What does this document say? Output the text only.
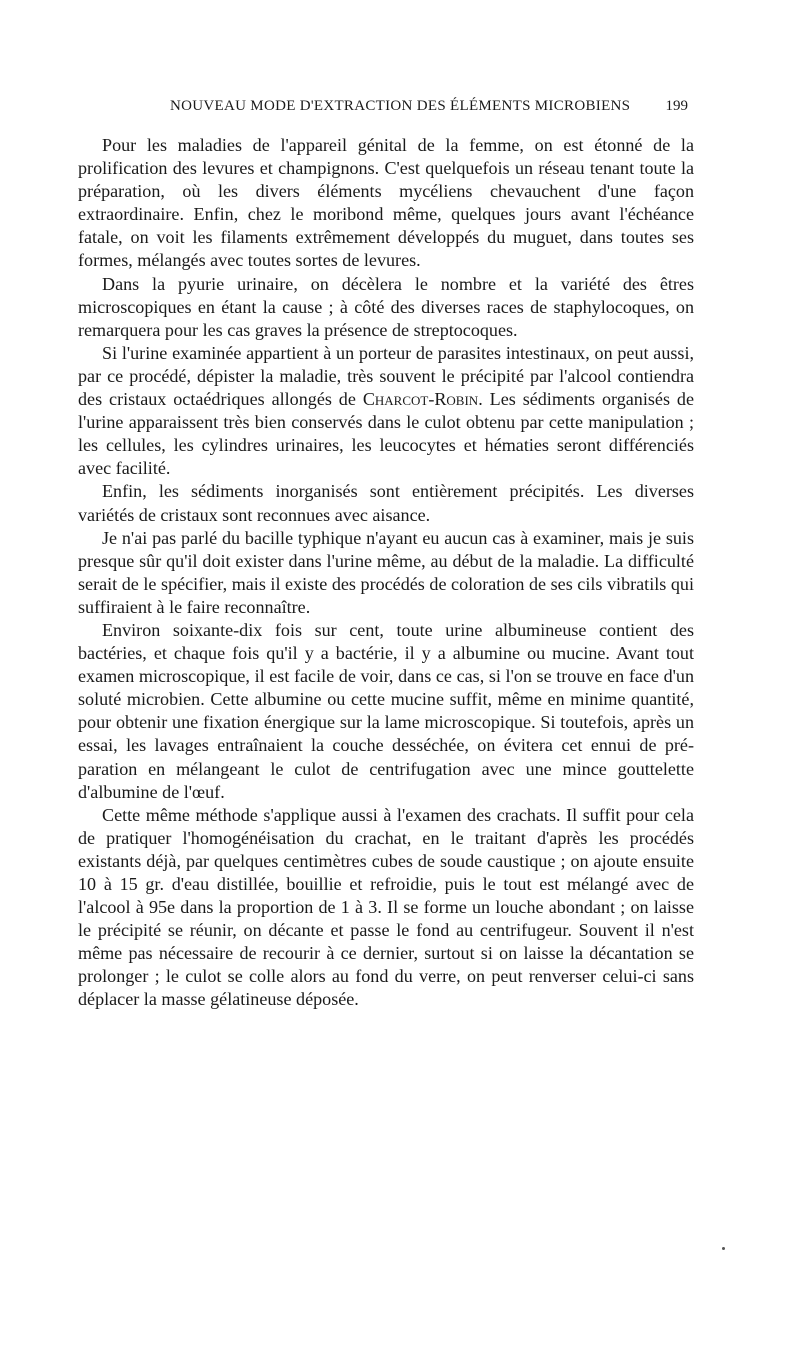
NOUVEAU MODE D'EXTRACTION DES ÉLÉMENTS MICROBIENS 199

Pour les maladies de l'appareil génital de la femme, on est étonné de la prolification des levures et champignons. C'est quelquefois un réseau tenant toute la préparation, où les divers éléments mycéliens chevauchent d'une façon extraordinaire. Enfin, chez le moribond même, quelques jours avant l'échéance fatale, on voit les filaments extrêmement développés du muguet, dans toutes ses formes, mélangés avec toutes sortes de levures.

Dans la pyurie urinaire, on décèlera le nombre et la variété des êtres microscopiques en étant la cause ; à côté des diverses races de staphylocoques, on remarquera pour les cas graves la présence de streptocoques.

Si l'urine examinée appartient à un porteur de parasites intestinaux, on peut aussi, par ce procédé, dépister la maladie, très souvent le précipité par l'alcool contiendra des cristaux octaédriques allongés de Charcot-Robin. Les sédiments organisés de l'urine apparaissent très bien conservés dans le culot obtenu par cette manipulation ; les cellules, les cylindres urinaires, les leucocytes et hématies seront différenciés avec facilité.

Enfin, les sédiments inorganisés sont entièrement précipités. Les diverses variétés de cristaux sont reconnues avec aisance.

Je n'ai pas parlé du bacille typhique n'ayant eu aucun cas à examiner, mais je suis presque sûr qu'il doit exister dans l'urine même, au début de la maladie. La difficulté serait de le spécifier, mais il existe des procédés de coloration de ses cils vibratils qui suffiraient à le faire reconnaître.

Environ soixante-dix fois sur cent, toute urine albumineuse contient des bactéries, et chaque fois qu'il y a bactérie, il y a albumine ou mucine. Avant tout examen microscopique, il est facile de voir, dans ce cas, si l'on se trouve en face d'un soluté microbien. Cette albumine ou cette mucine suffit, même en minime quantité, pour obtenir une fixation énergique sur la lame microscopique. Si toutefois, après un essai, les lavages entraînaient la couche desséchée, on évitera cet ennui de préparation en mélangeant le culot de centrifugation avec une mince gouttelette d'albumine de l'œuf.

Cette même méthode s'applique aussi à l'examen des crachats. Il suffit pour cela de pratiquer l'homogénéisation du crachat, en le traitant d'après les procédés existants déjà, par quelques centimètres cubes de soude caustique ; on ajoute ensuite 10 à 15 gr. d'eau distillée, bouillie et refroidie, puis le tout est mélangé avec de l'alcool à 95e dans la proportion de 1 à 3. Il se forme un louche abondant ; on laisse le précipité se réunir, on décante et passe le fond au centrifugeur. Souvent il n'est même pas nécessaire de recourir à ce dernier, surtout si on laisse la décantation se prolonger ; le culot se colle alors au fond du verre, on peut renverser celui-ci sans déplacer la masse gélatineuse déposée.
